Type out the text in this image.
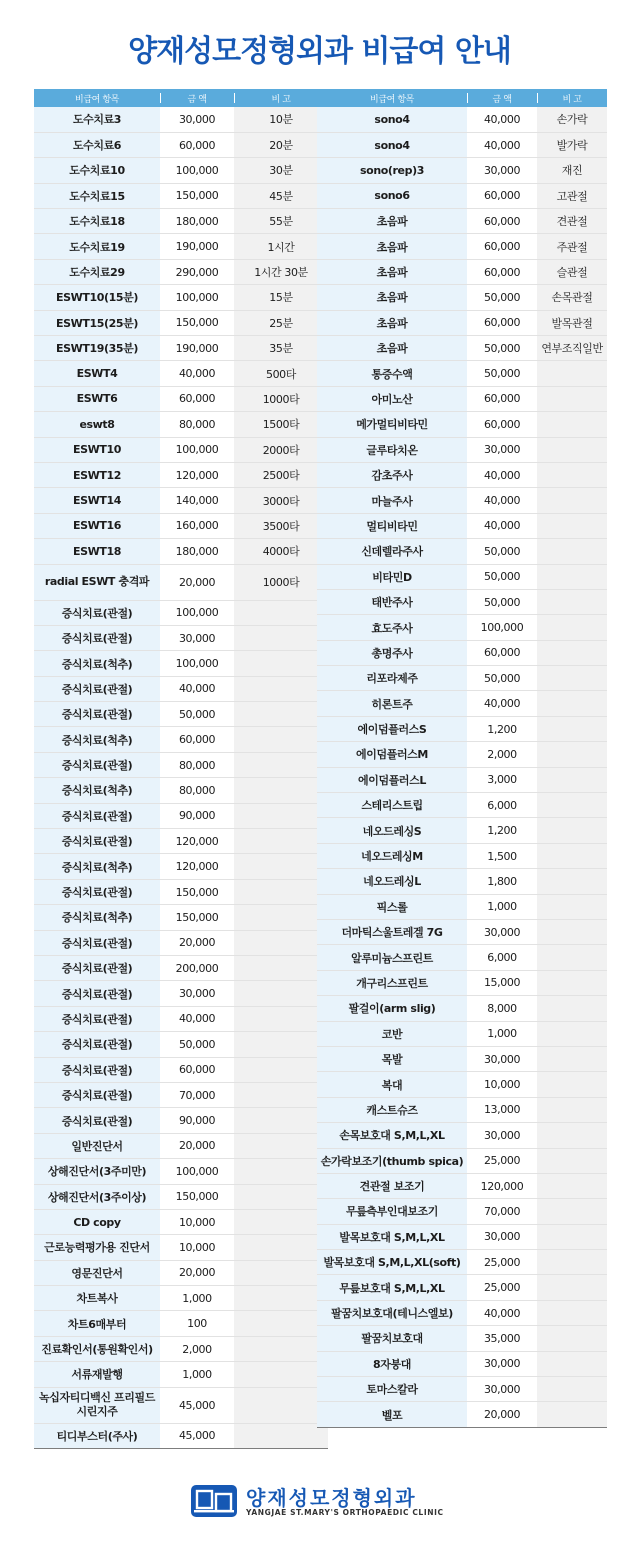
양재성모정형외과 비급여 안내
비급여 항목	금 액	비 고
도수치료3	30,000	10분
도수치료6	60,000	20분
도수치료10	100,000	30분
도수치료15	150,000	45분
도수치료18	180,000	55분
도수치료19	190,000	1시간
도수치료29	290,000	1시간 30분
ESWT10(15분)	100,000	15분
ESWT15(25분)	150,000	25분
ESWT19(35분)	190,000	35분
ESWT4	40,000	500타
ESWT6	60,000	1000타
eswt8	80,000	1500타
ESWT10	100,000	2000타
ESWT12	120,000	2500타
ESWT14	140,000	3000타
ESWT16	160,000	3500타
ESWT18	180,000	4000타
radial ESWT 충격파	20,000	1000타
증식치료(관절)	100,000	
증식치료(관절)	30,000	
증식치료(척추)	100,000	
증식치료(관절)	40,000	
증식치료(관절)	50,000	
증식치료(척추)	60,000	
증식치료(관절)	80,000	
증식치료(척추)	80,000	
증식치료(관절)	90,000	
증식치료(관절)	120,000	
증식치료(척추)	120,000	
증식치료(관절)	150,000	
증식치료(척추)	150,000	
증식치료(관절)	20,000	
증식치료(관절)	200,000	
증식치료(관절)	30,000	
증식치료(관절)	40,000	
증식치료(관절)	50,000	
증식치료(관절)	60,000	
증식치료(관절)	70,000	
증식치료(관절)	90,000	
일반진단서	20,000	
상해진단서(3주미만)	100,000	
상해진단서(3주이상)	150,000	
CD copy	10,000	
근로능력평가용 진단서	10,000	
영문진단서	20,000	
차트복사	1,000	
차트6매부터	100	
진료확인서(통원확인서)	2,000	
서류재발행	1,000	
녹십자티디백신 프리필드시린지주	45,000	
티디부스터(주사)	45,000	
비급여 항목	금 액	비 고
sono4	40,000	손가락
sono4	40,000	발가락
sono(rep)3	30,000	재진
sono6	60,000	고관절
초음파	60,000	견관절
초음파	60,000	주관절
초음파	60,000	슬관절
초음파	50,000	손목관절
초음파	60,000	발목관절
초음파	50,000	연부조직일반
통증수액	50,000	
아미노산	60,000	
메가멀티비타민	60,000	
글루타치온	30,000	
감초주사	40,000	
마늘주사	40,000	
멀티비타민	40,000	
신데렐라주사	50,000	
비타민D	50,000	
태반주사	50,000	
효도주사	100,000	
총명주사	60,000	
리포라제주	50,000	
히론트주	40,000	
에이덤플러스S	1,200	
에이덤플러스M	2,000	
에이덤플러스L	3,000	
스테리스트립	6,000	
네오드레싱S	1,200	
네오드레싱M	1,500	
네오드레싱L	1,800	
픽스롤	1,000	
더마틱스울트레겔 7G	30,000	
알루미늄스프린트	6,000	
개구리스프린트	15,000	
팔걸이(arm slig)	8,000	
코반	1,000	
목발	30,000	
복대	10,000	
캐스트슈즈	13,000	
손목보호대 S,M,L,XL	30,000	
손가락보조기(thumb spica)	25,000	
견관절 보조기	120,000	
무릎측부인대보조기	70,000	
발목보호대 S,M,L,XL	30,000	
발목보호대 S,M,L,XL(soft)	25,000	
무릎보호대 S,M,L,XL	25,000	
팔꿈치보호대(테니스엘보)	40,000	
팔꿈치보호대	35,000	
8자붕대	30,000	
토마스칼라	30,000	
벨포	20,000	
양재성모정형외과
YANGJAE ST.MARY'S ORTHOPAEDIC CLINIC
